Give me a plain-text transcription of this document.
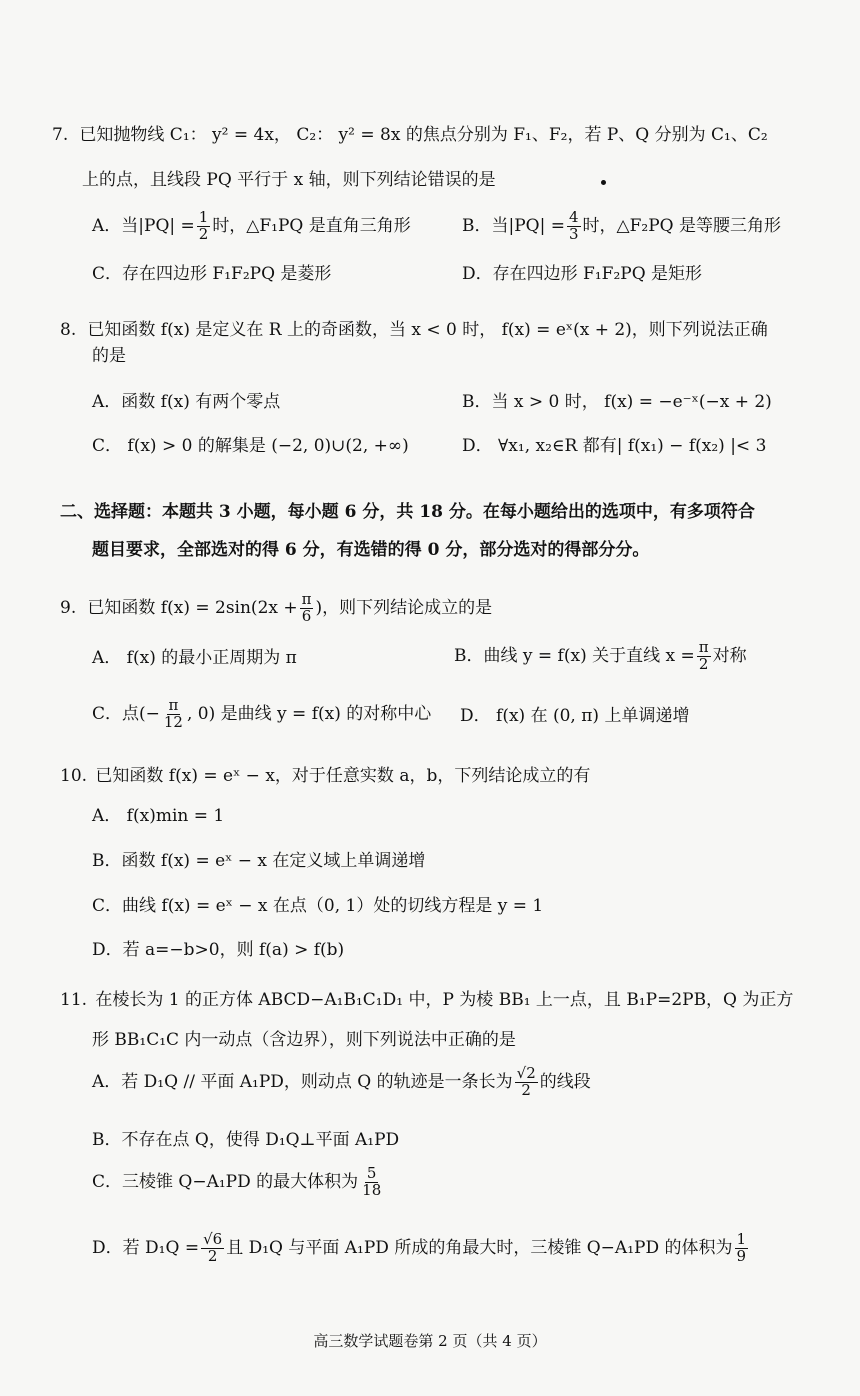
7. 已知抛物线 C₁： y² = 4x， C₂： y² = 8x 的焦点分别为 F₁、F₂，若 P、Q 分别为 C₁、C₂
上的点，且线段 PQ 平行于 x 轴，则下列结论错误的是
A．当$|PQ| = \frac{1}{2}$ 时，△F₁PQ 是直角三角形	B．当$|PQ| = \frac{4}{3}$ 时，△F₂PQ 是等腰三角形
C．存在四边形 F₁F₂PQ 是菱形	D．存在四边形 F₁F₂PQ 是矩形
8. 已知函数 f(x) 是定义在 R 上的奇函数，当 x < 0 时， f(x) = eˣ(x + 2)，则下列说法正确
的是
A．函数 f(x) 有两个零点	B．当 x > 0 时， f(x) = −e⁻ˣ(−x + 2)
C． f(x) > 0 的解集是 (−2, 0)∪(2, +∞)	D． ∀x₁, x₂∈R 都有| f(x₁) − f(x₂) |< 3
二、选择题：本题共 3 小题，每小题 6 分，共 18 分。在每小题给出的选项中，有多项符合
题目要求，全部选对的得 6 分，有选错的得 0 分，部分选对的得部分分。
9. 已知函数 $f(x) = 2\sin(2x + \frac{\pi}{6}$ )，则下列结论成立的是
A． f(x) 的最小正周期为 π	B．曲线 y = f(x) 关于直线 $x = \frac{\pi}{2}$ 对称
C．点(− $\frac{\pi}{12}$ , 0) 是曲线 y = f(x) 的对称中心 D． f(x) 在 (0, π) 上单调递增
10. 已知函数 f(x) = eˣ − x，对于任意实数 a，b，下列结论成立的有
A． f(x)min = 1
B．函数 f(x) = eˣ − x 在定义域上单调递增
C．曲线 f(x) = eˣ − x 在点（0, 1）处的切线方程是 y = 1
D．若 a=−b>0，则 f(a) > f(b)
11. 在棱长为 1 的正方体 ABCD−A₁B₁C₁D₁ 中，P 为棱 BB₁ 上一点，且 B₁P=2PB，Q 为正方
形 BB₁C₁C 内一动点（含边界），则下列说法中正确的是
A．若 D₁Q // 平面 A₁PD，则动点 Q 的轨迹是一条长为 $\frac{√2}{2}$ 的线段
B．不存在点 Q，使得 D₁Q⊥平面 A₁PD
C．三棱锥 Q−A₁PD 的最大体积为 $\frac{5}{18}$
D．若 $D_1Q = \frac{√6}{2}$ 且 D₁Q 与平面 A₁PD 所成的角最大时，三棱锥 Q−A₁PD 的体积为 $\frac{1}{9}$
高三数学试题卷第 2 页（共 4 页）
